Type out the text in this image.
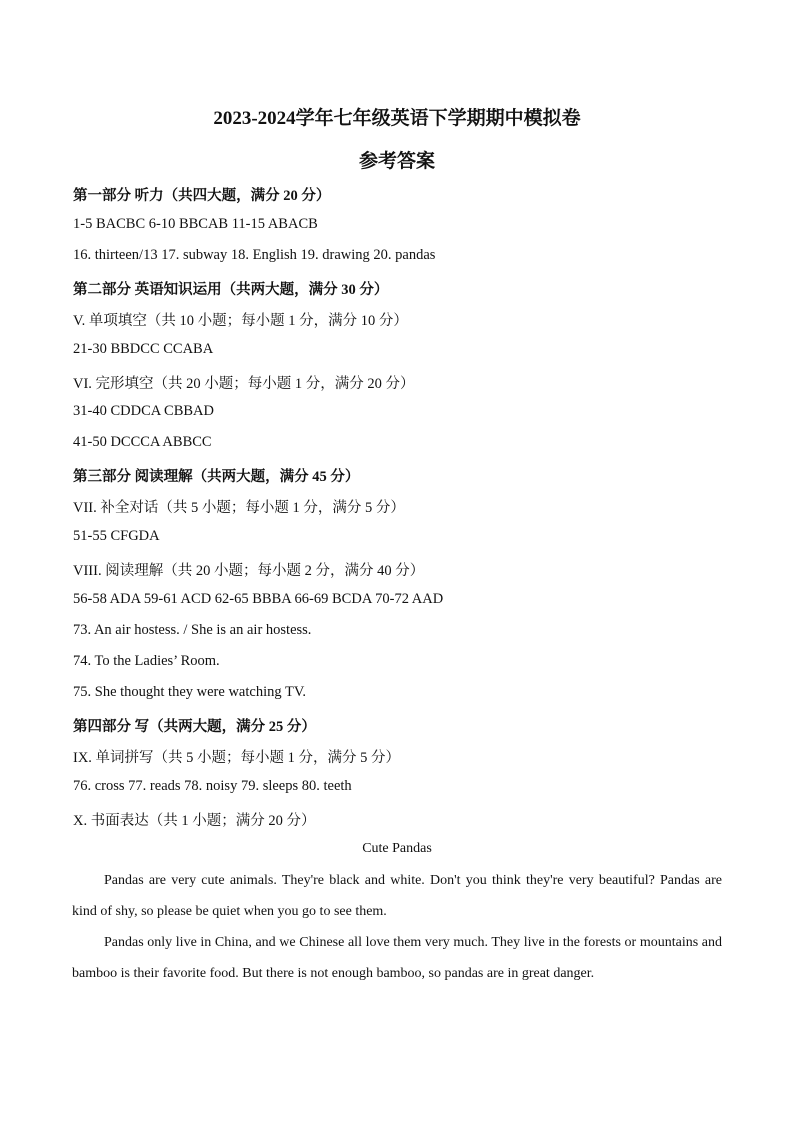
2023-2024学年七年级英语下学期期中模拟卷
参考答案
第一部分 听力（共四大题，满分 20 分）
1-5 BACBC 6-10 BBCAB 11-15 ABACB
16. thirteen/13 17. subway 18. English 19. drawing 20. pandas
第二部分 英语知识运用（共两大题，满分 30 分）
V. 单项填空（共 10 小题；每小题 1 分，满分 10 分）
21-30 BBDCC CCABA
VI. 完形填空（共 20 小题；每小题 1 分，满分 20 分）
31-40 CDDCA CBBAD
41-50 DCCCA ABBCC
第三部分 阅读理解（共两大题，满分 45 分）
VII. 补全对话（共 5 小题；每小题 1 分，满分 5 分）
51-55 CFGDA
VIII. 阅读理解（共 20 小题；每小题 2 分，满分 40 分）
56-58 ADA 59-61 ACD 62-65 BBBA 66-69 BCDA 70-72 AAD
73. An air hostess. / She is an air hostess.
74. To the Ladies’ Room.
75. She thought they were watching TV.
第四部分 写（共两大题，满分 25 分）
IX. 单词拼写（共 5 小题；每小题 1 分，满分 5 分）
76. cross 77. reads 78. noisy 79. sleeps 80. teeth
X. 书面表达（共 1 小题；满分 20 分）
Cute Pandas
Pandas are very cute animals. They're black and white. Don't you think they're very beautiful? Pandas are kind of shy, so please be quiet when you go to see them.
Pandas only live in China, and we Chinese all love them very much. They live in the forests or mountains and bamboo is their favorite food. But there is not enough bamboo, so pandas are in great danger.
